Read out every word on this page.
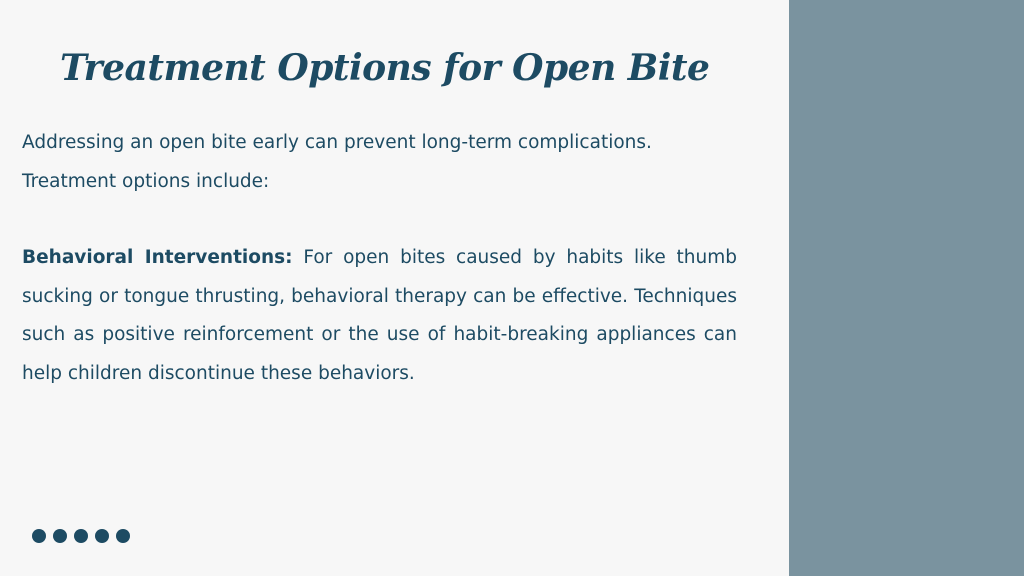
Treatment Options for Open Bite

Addressing an open bite early can prevent long-term complications. Treatment options include:

Behavioral Interventions: For open bites caused by habits like thumb sucking or tongue thrusting, behavioral therapy can be effective. Techniques such as positive reinforcement or the use of habit-breaking appliances can help children discontinue these behaviors.
